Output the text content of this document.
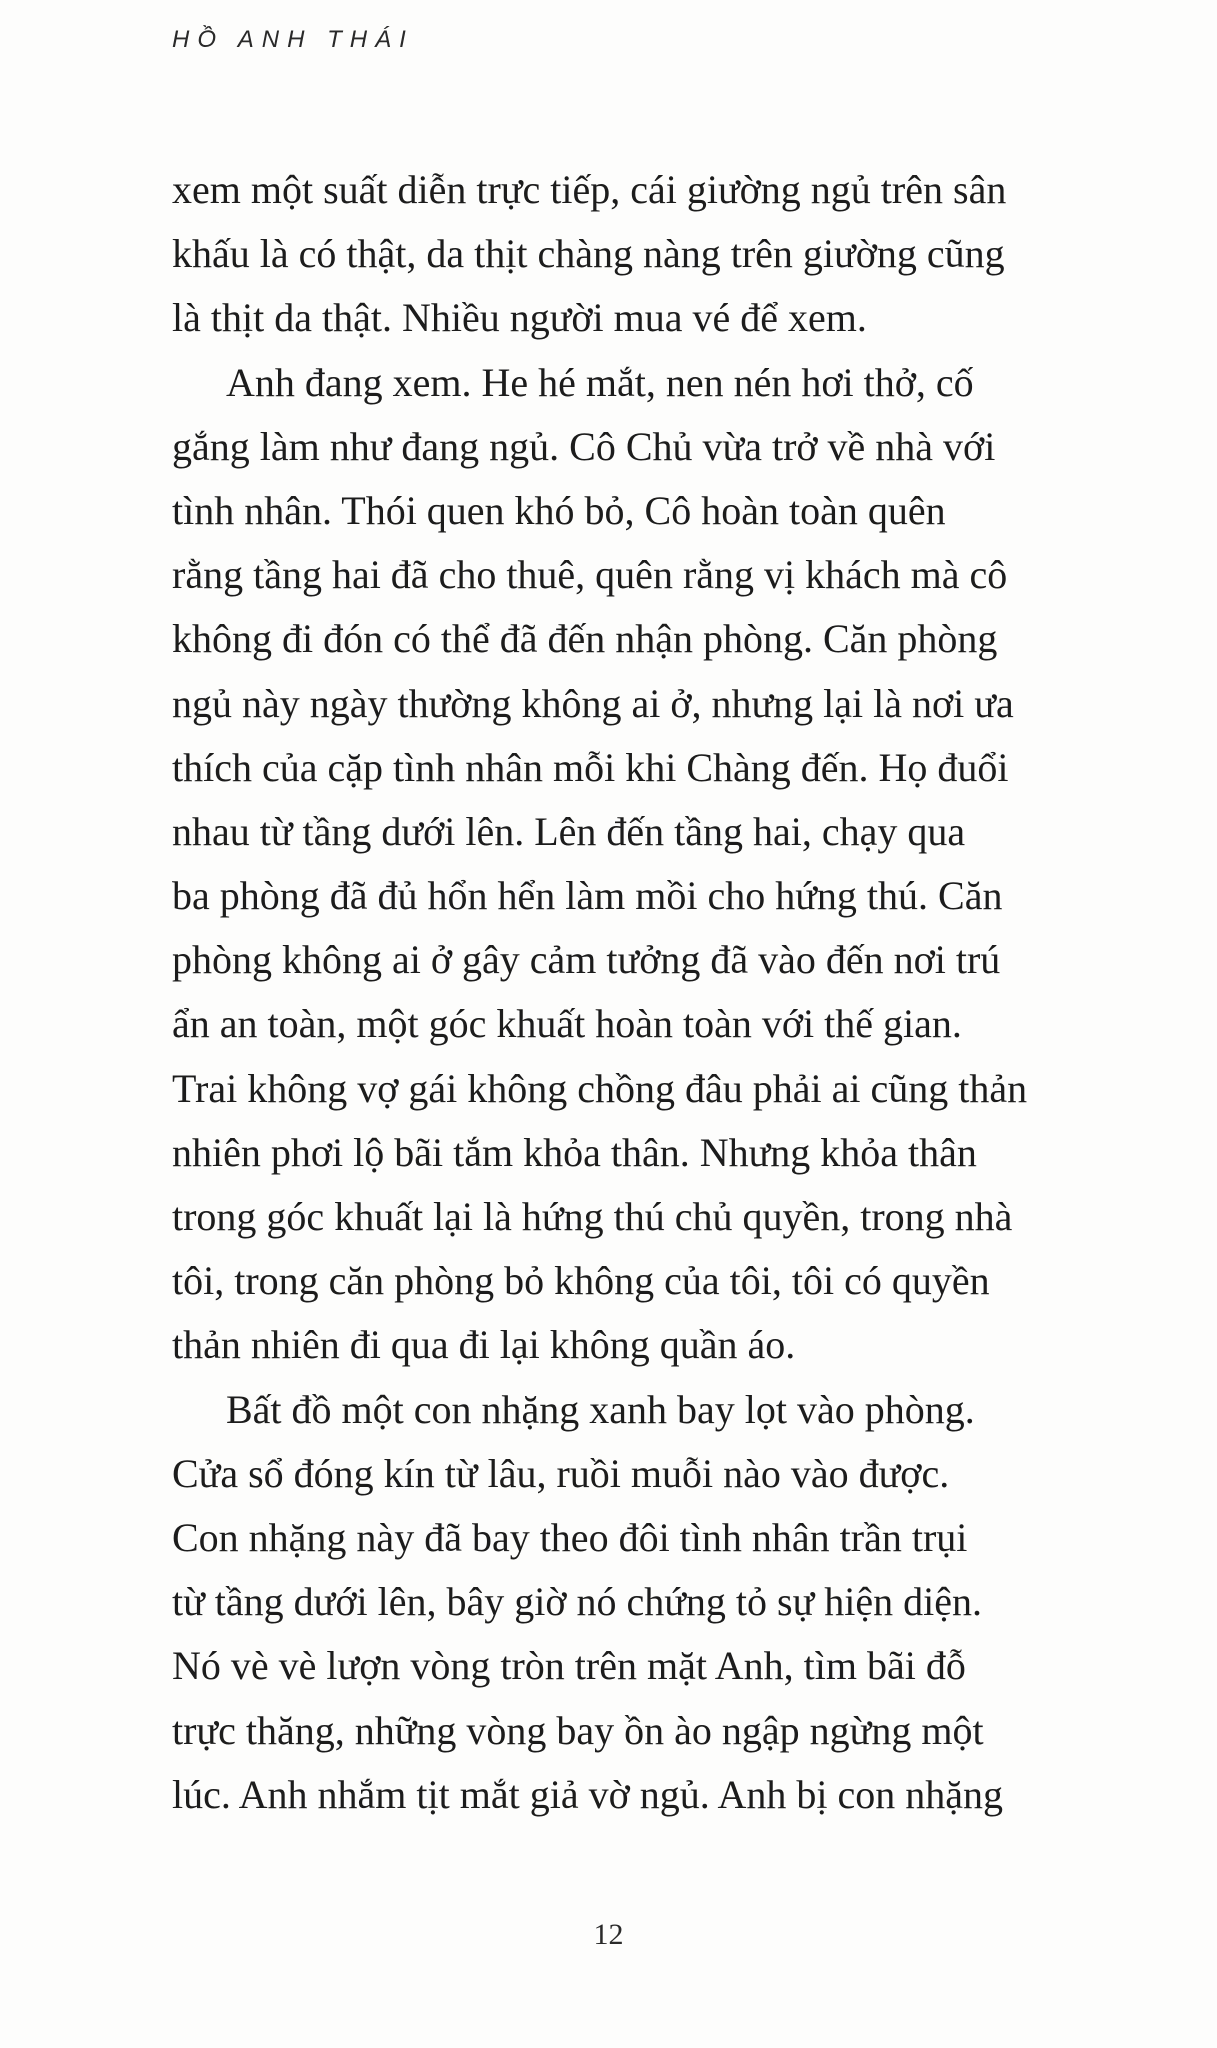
HỒ ANH THÁI
xem một suất diễn trực tiếp, cái giường ngủ trên sân
khấu là có thật, da thịt chàng nàng trên giường cũng
là thịt da thật. Nhiều người mua vé để xem.
Anh đang xem. He hé mắt, nen nén hơi thở, cố
gắng làm như đang ngủ. Cô Chủ vừa trở về nhà với
tình nhân. Thói quen khó bỏ, Cô hoàn toàn quên
rằng tầng hai đã cho thuê, quên rằng vị khách mà cô
không đi đón có thể đã đến nhận phòng. Căn phòng
ngủ này ngày thường không ai ở, nhưng lại là nơi ưa
thích của cặp tình nhân mỗi khi Chàng đến. Họ đuổi
nhau từ tầng dưới lên. Lên đến tầng hai, chạy qua
ba phòng đã đủ hổn hển làm mồi cho hứng thú. Căn
phòng không ai ở gây cảm tưởng đã vào đến nơi trú
ẩn an toàn, một góc khuất hoàn toàn với thế gian.
Trai không vợ gái không chồng đâu phải ai cũng thản
nhiên phơi lộ bãi tắm khỏa thân. Nhưng khỏa thân
trong góc khuất lại là hứng thú chủ quyền, trong nhà
tôi, trong căn phòng bỏ không của tôi, tôi có quyền
thản nhiên đi qua đi lại không quần áo.
Bất đồ một con nhặng xanh bay lọt vào phòng.
Cửa sổ đóng kín từ lâu, ruồi muỗi nào vào được.
Con nhặng này đã bay theo đôi tình nhân trần trụi
từ tầng dưới lên, bây giờ nó chứng tỏ sự hiện diện.
Nó vè vè lượn vòng tròn trên mặt Anh, tìm bãi đỗ
trực thăng, những vòng bay ồn ào ngập ngừng một
lúc. Anh nhắm tịt mắt giả vờ ngủ. Anh bị con nhặng
12
